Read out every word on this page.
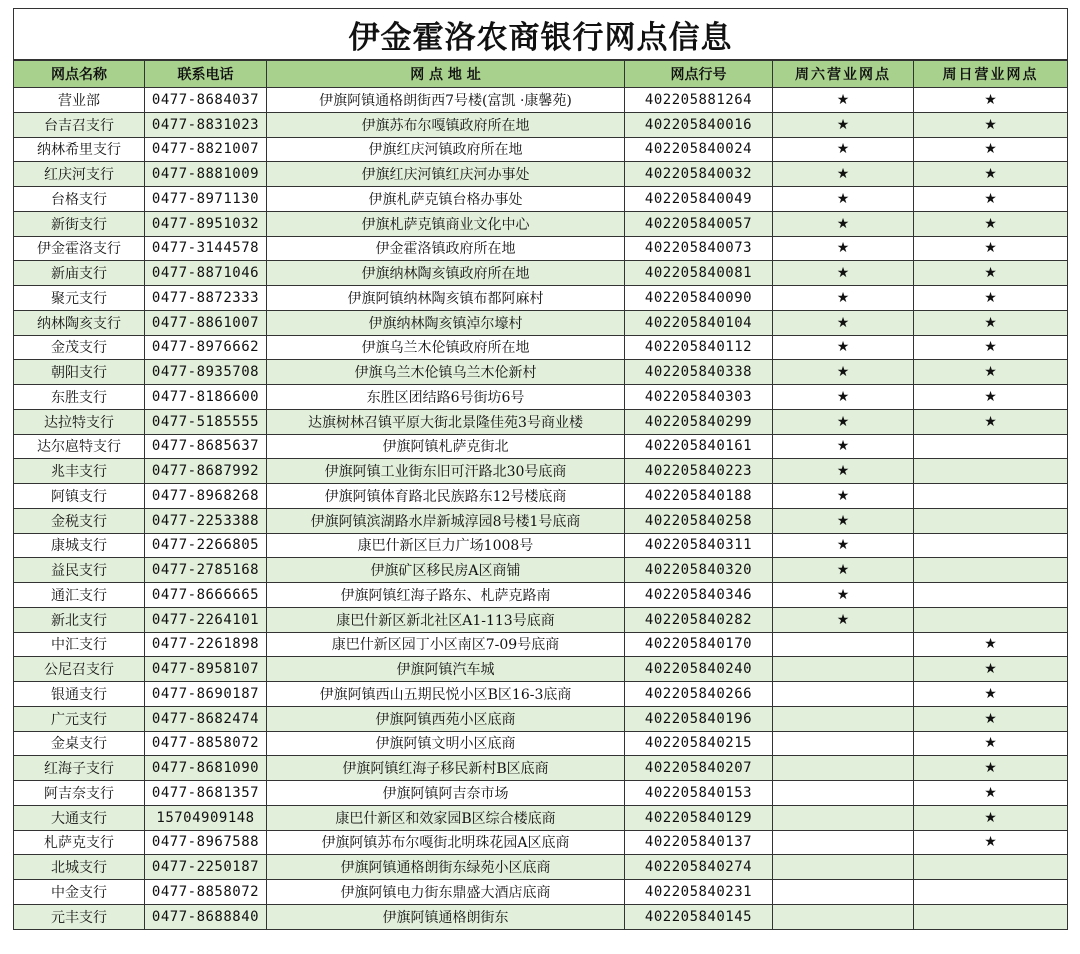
伊金霍洛农商银行网点信息					
网点名称	联系电话	网 点 地 址	网点行号	周六营业网点	周日营业网点
营业部	0477-8684037	伊旗阿镇通格朗街西7号楼(富凯 ·康馨苑)	402205881264	★	★
台吉召支行	0477-8831023	伊旗苏布尔嘎镇政府所在地	402205840016	★	★
纳林希里支行	0477-8821007	伊旗红庆河镇政府所在地	402205840024	★	★
红庆河支行	0477-8881009	伊旗红庆河镇红庆河办事处	402205840032	★	★
台格支行	0477-8971130	伊旗札萨克镇台格办事处	402205840049	★	★
新街支行	0477-8951032	伊旗札萨克镇商业文化中心	402205840057	★	★
伊金霍洛支行	0477-3144578	伊金霍洛镇政府所在地	402205840073	★	★
新庙支行	0477-8871046	伊旗纳林陶亥镇政府所在地	402205840081	★	★
聚元支行	0477-8872333	伊旗阿镇纳林陶亥镇布都阿麻村	402205840090	★	★
纳林陶亥支行	0477-8861007	伊旗纳林陶亥镇淖尔壕村	402205840104	★	★
金茂支行	0477-8976662	伊旗乌兰木伦镇政府所在地	402205840112	★	★
朝阳支行	0477-8935708	伊旗乌兰木伦镇乌兰木伦新村	402205840338	★	★
东胜支行	0477-8186600	东胜区团结路6号街坊6号	402205840303	★	★
达拉特支行	0477-5185555	达旗树林召镇平原大街北景隆佳苑3号商业楼	402205840299	★	★
达尔扈特支行	0477-8685637	伊旗阿镇札萨克街北	402205840161	★	
兆丰支行	0477-8687992	伊旗阿镇工业街东旧可汗路北30号底商	402205840223	★	
阿镇支行	0477-8968268	伊旗阿镇体育路北民族路东12号楼底商	402205840188	★	
金税支行	0477-2253388	伊旗阿镇滨湖路水岸新城淳园8号楼1号底商	402205840258	★	
康城支行	0477-2266805	康巴什新区巨力广场1008号	402205840311	★	
益民支行	0477-2785168	伊旗矿区移民房A区商铺	402205840320	★	
通汇支行	0477-8666665	伊旗阿镇红海子路东、札萨克路南	402205840346	★	
新北支行	0477-2264101	康巴什新区新北社区A1-113号底商	402205840282	★	
中汇支行	0477-2261898	康巴什新区园丁小区南区7-09号底商	402205840170		★
公尼召支行	0477-8958107	伊旗阿镇汽车城	402205840240		★
银通支行	0477-8690187	伊旗阿镇西山五期民悦小区B区16-3底商	402205840266		★
广元支行	0477-8682474	伊旗阿镇西苑小区底商	402205840196		★
金桌支行	0477-8858072	伊旗阿镇文明小区底商	402205840215		★
红海子支行	0477-8681090	伊旗阿镇红海子移民新村B区底商	402205840207		★
阿吉奈支行	0477-8681357	伊旗阿镇阿吉奈市场	402205840153		★
大通支行	15704909148	康巴什新区和效家园B区综合楼底商	402205840129		★
札萨克支行	0477-8967588	伊旗阿镇苏布尔嘎街北明珠花园A区底商	402205840137		★
北城支行	0477-2250187	伊旗阿镇通格朗街东绿苑小区底商	402205840274		
中金支行	0477-8858072	伊旗阿镇电力街东鼎盛大酒店底商	402205840231		
元丰支行	0477-8688840	伊旗阿镇通格朗街东	402205840145		
